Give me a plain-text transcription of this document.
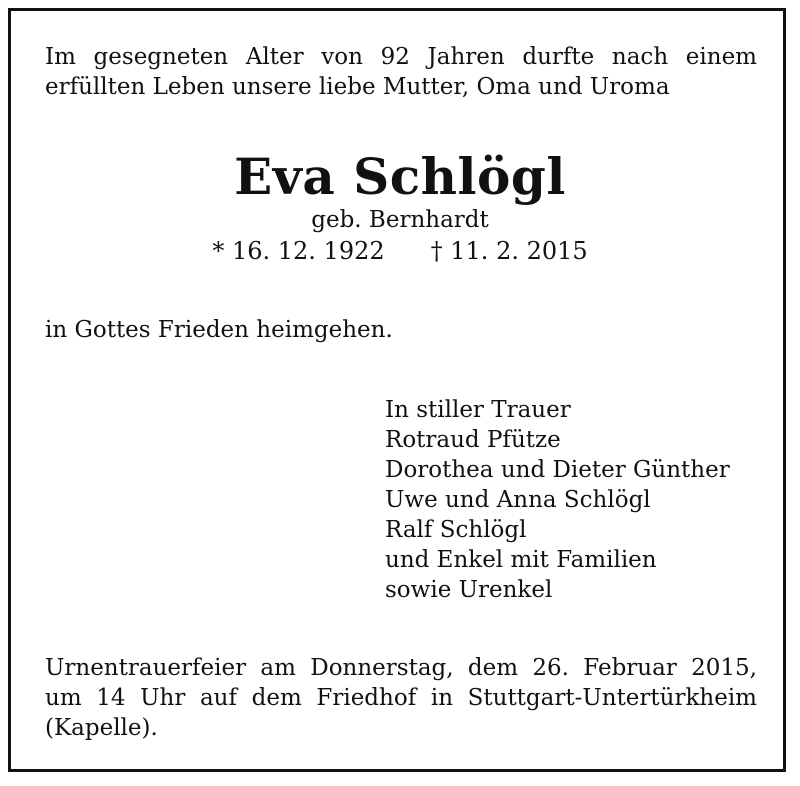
Im gesegneten Alter von 92 Jahren durfte nach einem
erfüllten Leben unsere liebe Mutter, Oma und Uroma
Eva Schlögl
geb. Bernhardt
* 16. 12. 1922 † 11. 2. 2015
in Gottes Frieden heimgehen.
In stiller Trauer
Rotraud Pfütze
Dorothea und Dieter Günther
Uwe und Anna Schlögl
Ralf Schlögl
und Enkel mit Familien
sowie Urenkel
Urnentrauerfeier am Donnerstag, dem 26. Februar 2015,
um 14 Uhr auf dem Friedhof in Stuttgart-Untertürkheim
(Kapelle).
